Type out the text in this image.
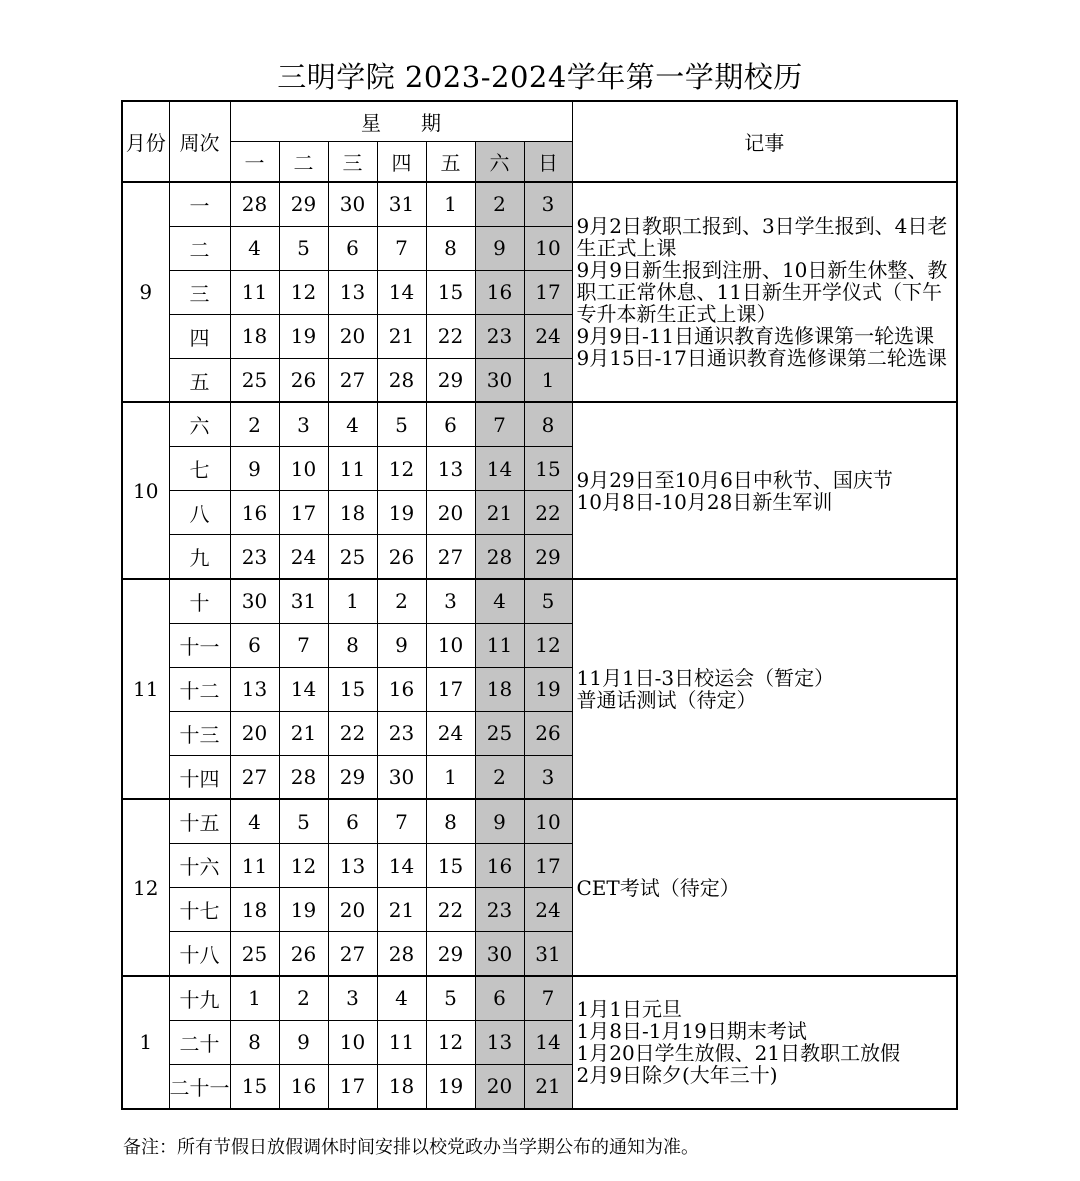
三明学院 2023-2024学年第一学期校历
月份	周次	星　　期							记事
		一	二	三	四	五	六	日	
9	一	28	29	30	31	1	2	3	9月2日教职工报到、3日学生报到、4日老生正式上课
9月9日新生报到注册、10日新生休整、教职工正常休息、11日新生开学仪式（下午专升本新生正式上课）
9月9日-11日通识教育选修课第一轮选课
9月15日-17日通识教育选修课第二轮选课

	二	4	5	6	7	8	9	10	
	三	11	12	13	14	15	16	17	
	四	18	19	20	21	22	23	24	
	五	25	26	27	28	29	30	1	
10	六	2	3	4	5	6	7	8	9月29日至10月6日中秋节、国庆节
10月8日-10月28日新生军训

	七	9	10	11	12	13	14	15	
	八	16	17	18	19	20	21	22	
	九	23	24	25	26	27	28	29	
11	十	30	31	1	2	3	4	5	11月1日-3日校运会（暂定）
普通话测试（待定）

	十一	6	7	8	9	10	11	12	
	十二	13	14	15	16	17	18	19	
	十三	20	21	22	23	24	25	26	
	十四	27	28	29	30	1	2	3	
12	十五	4	5	6	7	8	9	10	CET考试（待定）

	十六	11	12	13	14	15	16	17	
	十七	18	19	20	21	22	23	24	
	十八	25	26	27	28	29	30	31	
1	十九	1	2	3	4	5	6	7	1月1日元旦
1月8日-1月19日期末考试
1月20日学生放假、21日教职工放假
2月9日除夕(大年三十)

	二十	8	9	10	11	12	13	14	
	二十一	15	16	17	18	19	20	21	
备注：所有节假日放假调休时间安排以校党政办当学期公布的通知为准。
